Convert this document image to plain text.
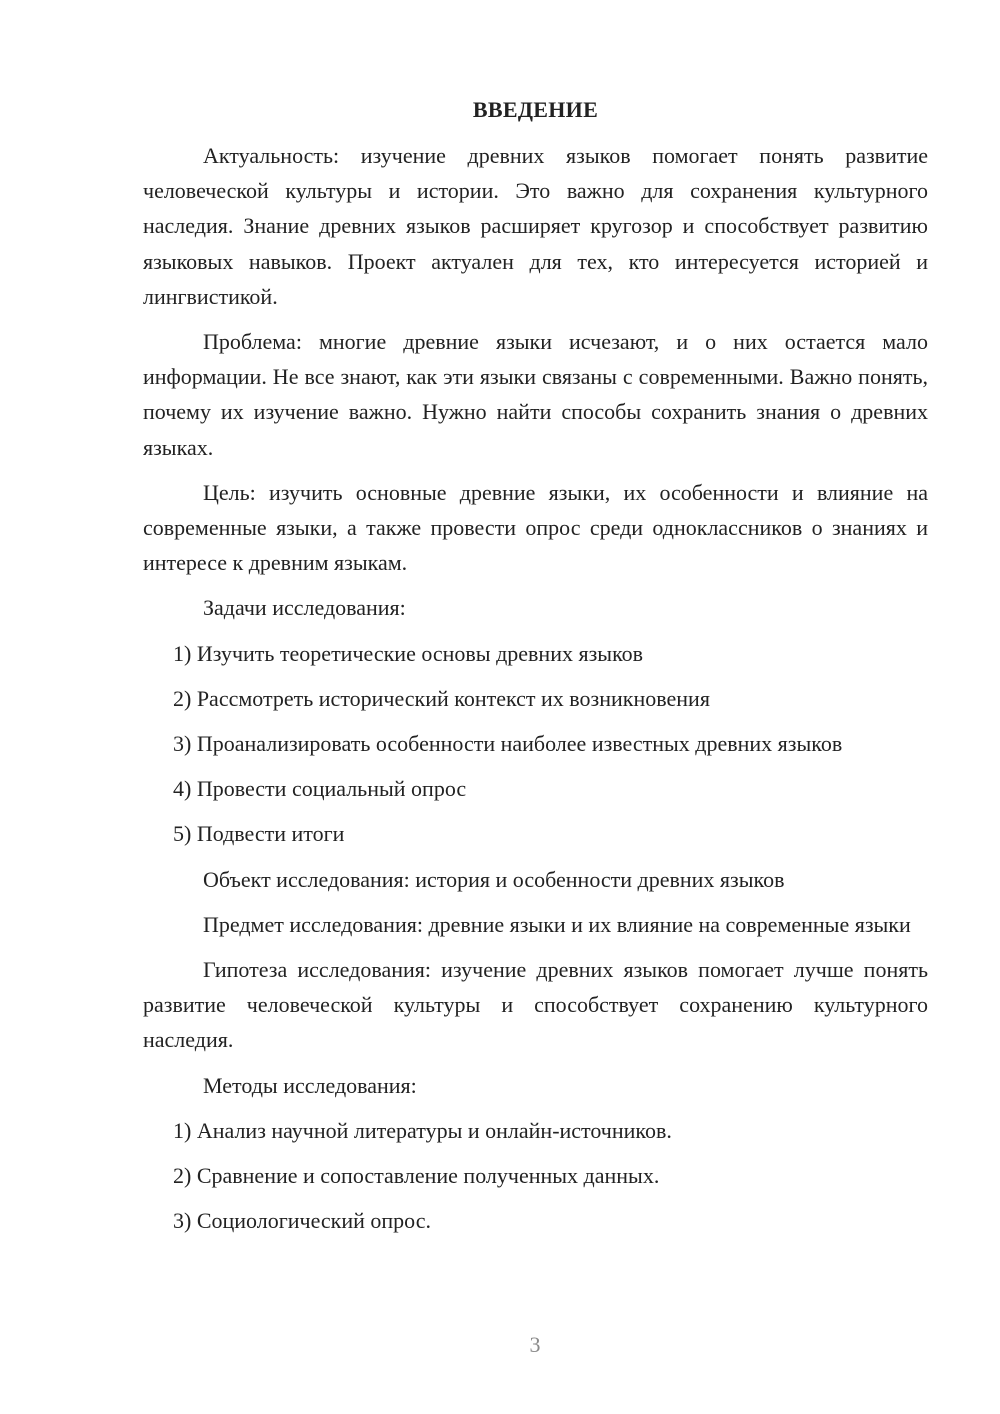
ВВЕДЕНИЕ

Актуальность: изучение древних языков помогает понять развитие человеческой культуры и истории. Это важно для сохранения культурного наследия. Знание древних языков расширяет кругозор и способствует развитию языковых навыков. Проект актуален для тех, кто интересуется историей и лингвистикой.

Проблема: многие древние языки исчезают, и о них остается мало информации. Не все знают, как эти языки связаны с современными. Важно понять, почему их изучение важно. Нужно найти способы сохранить знания о древних языках.

Цель: изучить основные древние языки, их особенности и влияние на современные языки, а также провести опрос среди одноклассников о знаниях и интересе к древним языкам.

Задачи исследования:

1) Изучить теоретические основы древних языков

2) Рассмотреть исторический контекст их возникновения

3) Проанализировать особенности наиболее известных древних языков

4) Провести социальный опрос

5) Подвести итоги

Объект исследования: история и особенности древних языков

Предмет исследования: древние языки и их влияние на современные языки

Гипотеза исследования: изучение древних языков помогает лучше понять развитие человеческой культуры и способствует сохранению культурного наследия.

Методы исследования:

1) Анализ научной литературы и онлайн-источников.

2) Сравнение и сопоставление полученных данных.

3) Социологический опрос.

3
